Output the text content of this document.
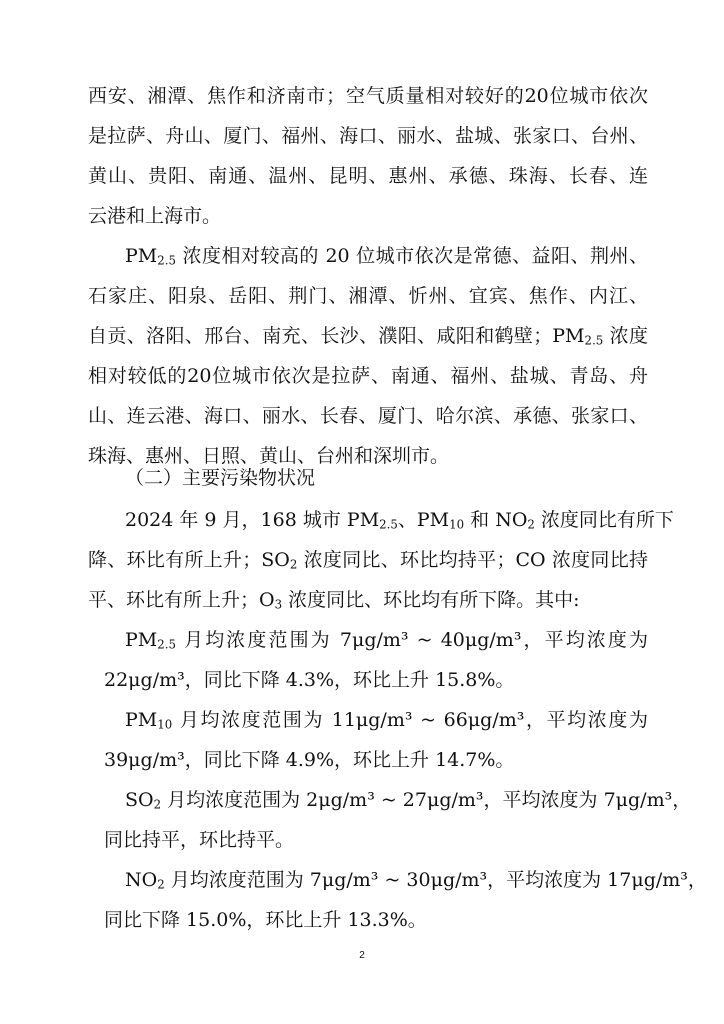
西安、湘潭、焦作和济南市；空气质量相对较好的20位城市依次
是拉萨、舟山、厦门、福州、海口、丽水、盐城、张家口、台州、
黄山、贵阳、南通、温州、昆明、惠州、承德、珠海、长春、连
云港和上海市。
$PM_{2.5}$ 浓度相对较高的 20 位城市依次是常德、益阳、荆州、
石家庄、阳泉、岳阳、荆门、湘潭、忻州、宜宾、焦作、内江、
自贡、洛阳、邢台、南充、长沙、濮阳、咸阳和鹤壁；$PM_{2.5}$ 浓度
相对较低的20位城市依次是拉萨、南通、福州、盐城、青岛、舟
山、连云港、海口、丽水、长春、厦门、哈尔滨、承德、张家口、
珠海、惠州、日照、黄山、台州和深圳市。
（二）主要污染物状况
2024 年 9 月，168 城市 $PM_{2.5}$、$PM_{10}$ 和 $NO_2$ 浓度同比有所下
降、环比有所上升；$SO_2$ 浓度同比、环比均持平；CO 浓度同比持
平、环比有所上升；$O_3$ 浓度同比、环比均有所下降。其中:
$PM_{2.5}$ 月均浓度范围为 7μg/m³ ~ 40μg/m³，平均浓度为
22μg/m³，同比下降 4.3%，环比上升 15.8%。
$PM_{10}$ 月均浓度范围为 11μg/m³ ~ 66μg/m³，平均浓度为
39μg/m³，同比下降 4.9%，环比上升 14.7%。
$SO_2$ 月均浓度范围为 2μg/m³ ~ 27μg/m³，平均浓度为 7μg/m³，
同比持平，环比持平。
$NO_2$ 月均浓度范围为 7μg/m³ ~ 30μg/m³，平均浓度为 17μg/m³，
同比下降 15.0%，环比上升 13.3%。
2
